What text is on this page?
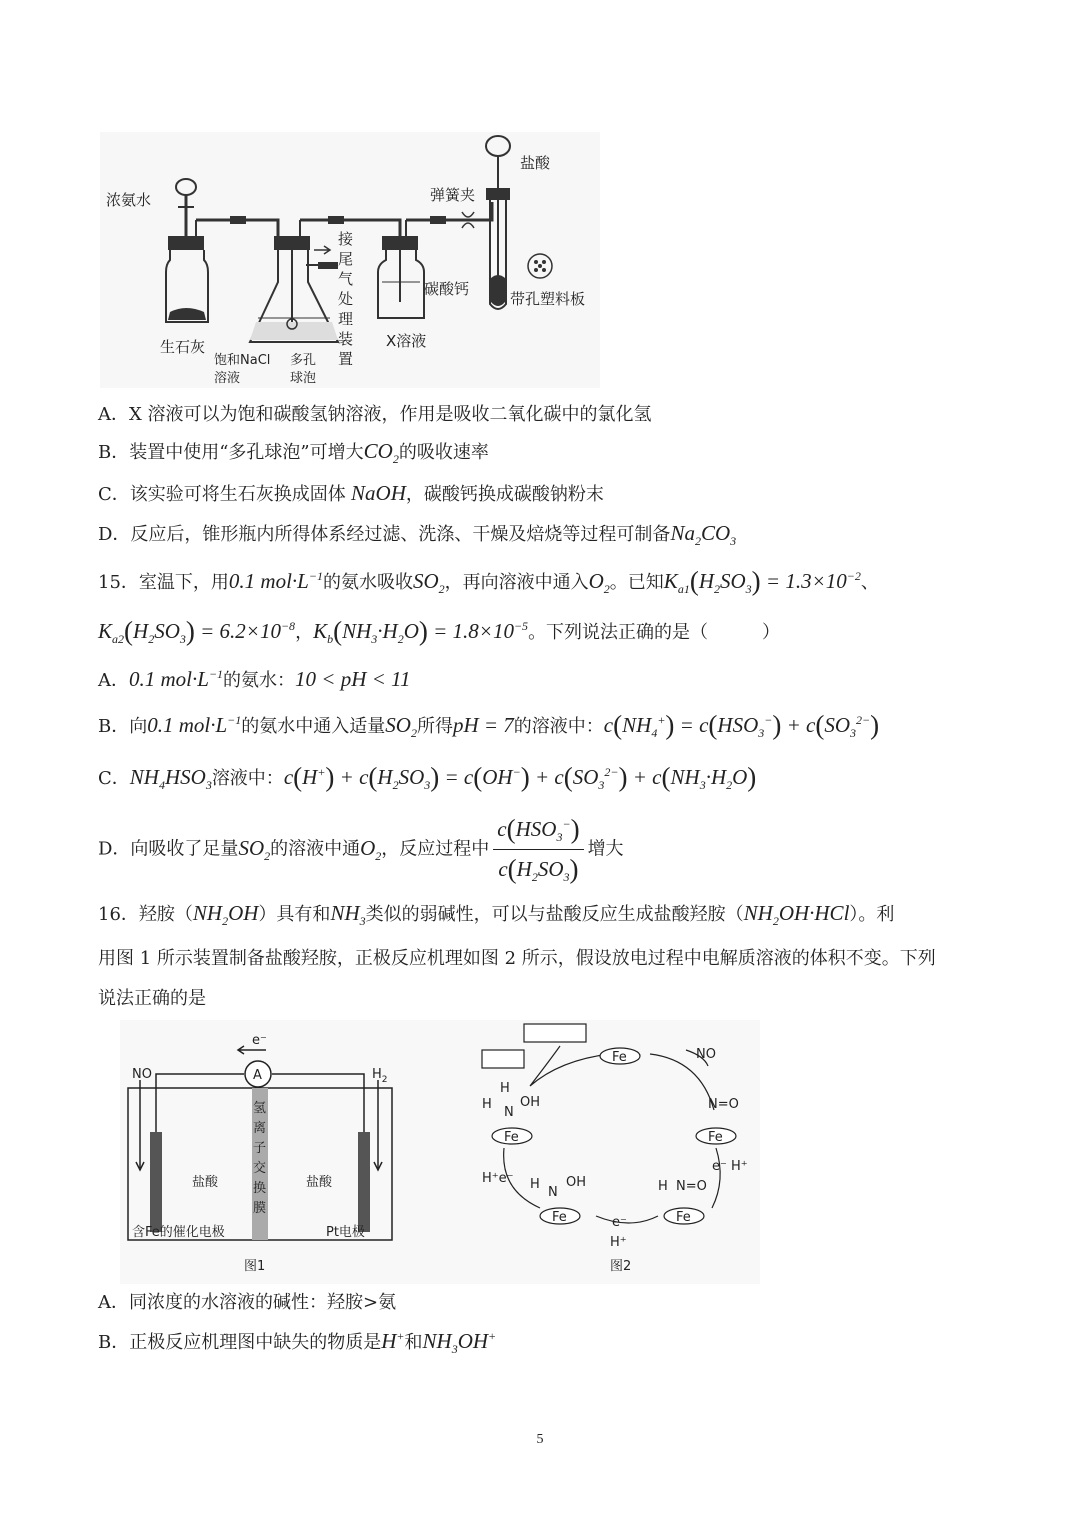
浓氨水
盐酸
弹簧夹
接
尾
气
处
理
装
置
生石灰
饱和NaCl
溶液
多孔
球泡
X溶液
碳酸钙
带孔塑料板
A．X 溶液可以为饱和碳酸氢钠溶液，作用是吸收二氧化碳中的氯化氢
B．装置中使用“多孔球泡”可增大$CO_2$的吸收速率
C．该实验可将生石灰换成固体 NaOH，碳酸钙换成碳酸钠粉末
D．反应后，锥形瓶内所得体系经过滤、洗涤、干燥及焙烧等过程可制备$Na_2CO_3$
15．室温下，用0.1 $mol\cdot L^{-1}$的氨水吸收$SO_2$，再向溶液中通入$O_2$。已知$K_{a1}(H_2SO_3) = 1.3\times 10^{-2}$、
$K_{a2}(H_2SO_3) = 6.2\times 10^{-8}$，$K_b(NH_3\cdot H_2O) = 1.8\times 10^{-5}$。下列说法正确的是（　　　）
A．0.1 $mol\cdot L^{-1}$的氨水：10 < pH < 11
B．向0.1 $mol\cdot L^{-1}$的氨水中通入适量$SO_2$所得pH = 7的溶液中：$c(NH_4^+) = c(HSO_3^-) + c(SO_3^{2-})$
C．$NH_4HSO_3$溶液中：$c(H^+) + c(H_2SO_3) = c(OH^-) + c(SO_3^{2-}) + c(NH_3\cdot H_2O)$
D．向吸收了足量$SO_2$的溶液中通$O_2$，反应过程中 $\frac{c(HSO_3^-)}{c(H_2SO_3)}$ 增大
16．羟胺$(NH_2OH)$具有和$NH_3$类似的弱碱性，可以与盐酸反应生成盐酸羟胺$(NH_2OH\cdot HCl)$。利
用图 1 所示装置制备盐酸羟胺，正极反应机理如图 2 所示，假设放电过程中电解质溶液的体积不变。下列
说法正确的是
NO	$H_2$
e⁻
A
氢
离
子
交
换
膜
盐酸	盐酸
含Fe的催化电极	Pt电极
图1
Fe
Fe	Fe
Fe	Fe
NO
N=O
e⁻ H⁺
H N=O
e⁻
H⁺
H
N
OH
H⁺e⁻
H
H
N
OH
图2
A．同浓度的水溶液的碱性：羟胺>氨
B．正极反应机理图中缺失的物质是H+和$NH_3OH^+$
5
